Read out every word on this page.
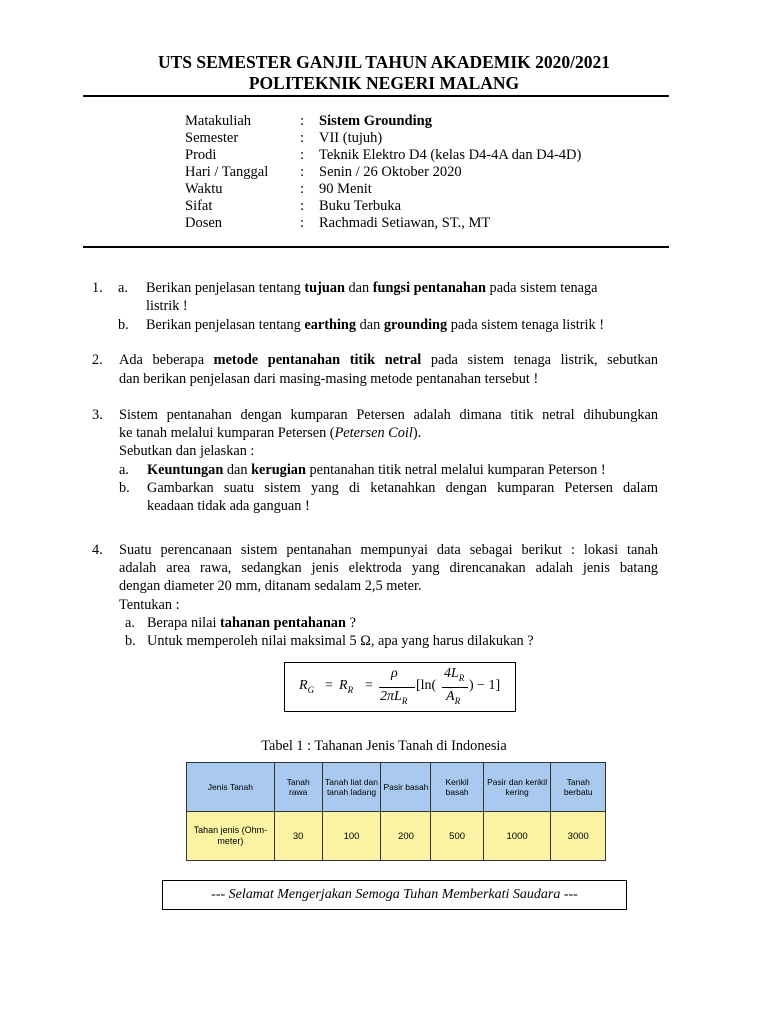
UTS SEMESTER GANJIL TAHUN AKADEMIK 2020/2021
POLITEKNIK NEGERI MALANG
Matakuliah	: Sistem Grounding
Semester	: VII (tujuh)
Prodi	: Teknik Elektro D4 (kelas D4-4A dan D4-4D)
Hari / Tanggal : Senin / 26 Oktober 2020
Waktu	: 90 Menit
Sifat	: Buku Terbuka
Dosen	: Rachmadi Setiawan, ST., MT
1. a. Berikan penjelasan tentang tujuan dan fungsi pentanahan pada sistem tenaga
listrik !
b. Berikan penjelasan tentang earthing dan grounding pada sistem tenaga listrik !
2. Ada beberapa metode pentanahan titik netral pada sistem tenaga listrik, sebutkan
dan berikan penjelasan dari masing-masing metode pentanahan tersebut !
3. Sistem pentanahan dengan kumparan Petersen adalah dimana titik netral dihubungkan
ke tanah melalui kumparan Petersen (Petersen Coil).
Sebutkan dan jelaskan :
a. Keuntungan dan kerugian pentanahan titik netral melalui kumparan Peterson !
b. Gambarkan suatu sistem yang di ketanahkan dengan kumparan Petersen dalam
keadaan tidak ada ganguan !
4. Suatu perencanaan sistem pentanahan mempunyai data sebagai berikut : lokasi tanah
adalah area rawa, sedangkan jenis elektroda yang direncanakan adalah jenis batang
dengan diameter 20 mm, ditanam sedalam 2,5 meter.
Tentukan :
a. Berapa nilai tahanan pentahanan ?
b. Untuk memperoleh nilai maksimal 5 Ω, apa yang harus dilakukan ?
$R_G = R_R$ =
ρ
$2\pi L_R$
[ln(
$4L_R$
$A_R$
) − 1]
Tabel 1 : Tahanan Jenis Tanah di Indonesia
Jenis Tanah	Tanah rawa	Tanah liat dan tanah ladang	Pasir basah	Kerikil basah	Pasir dan kerikil kering	Tanah berbatu
Tahan jenis (Ohm-meter)	30	100	200	500	1000	3000
--- Selamat Mengerjakan Semoga Tuhan Memberkati Saudara ---
